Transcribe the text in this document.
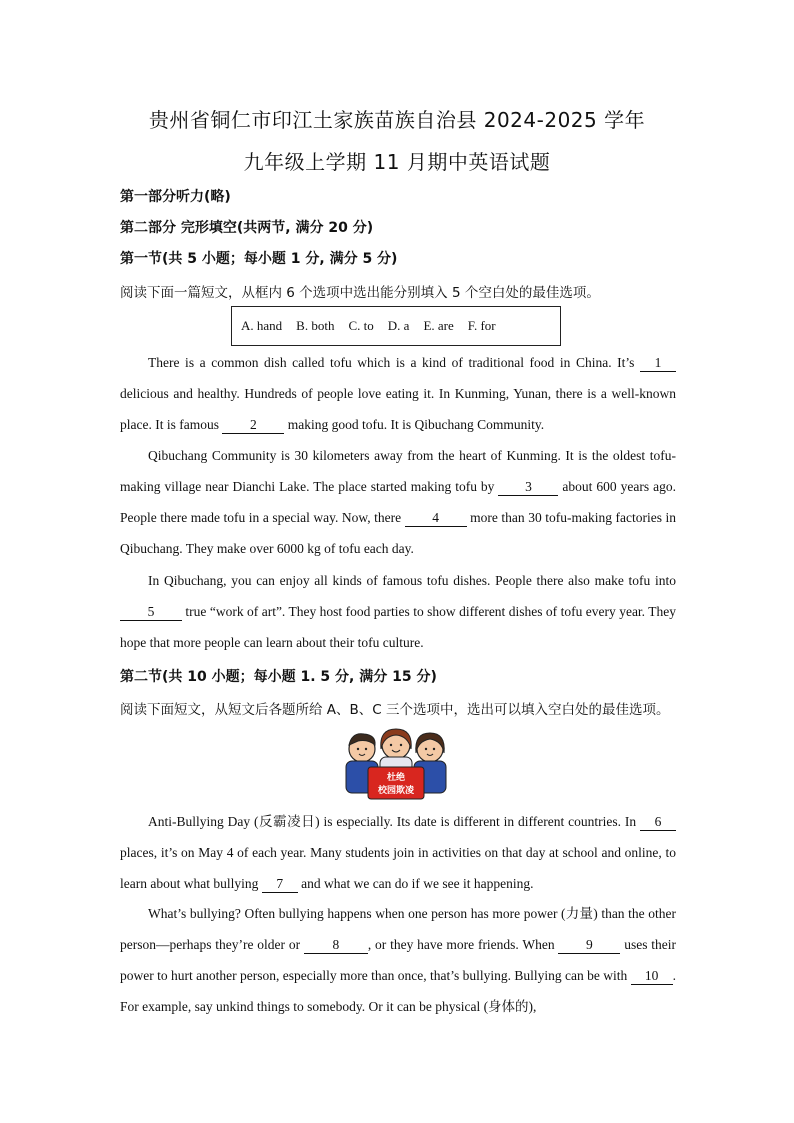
贵州省铜仁市印江土家族苗族自治县 2024-2025 学年
九年级上学期 11 月期中英语试题
第一部分听力(略)
第二部分 完形填空(共两节, 满分 20 分)
第一节(共 5 小题；每小题 1 分, 满分 5 分)
阅读下面一篇短文，从框内 6 个选项中选出能分别填入 5 个空白处的最佳选项。
A. hand B. both C. to D. a E. are F. for
There is a common dish called tofu which is a kind of traditional food in China. It’s 1 delicious and healthy. Hundreds of people love eating it. In Kunming, Yunan, there is a well-known place. It is famous 2 making good tofu. It is Qibuchang Community.
Qibuchang Community is 30 kilometers away from the heart of Kunming. It is the oldest tofu-making village near Dianchi Lake. The place started making tofu by 3 about 600 years ago. People there made tofu in a special way. Now, there 4 more than 30 tofu-making factories in Qibuchang. They make over 6000 kg of tofu each day.
In Qibuchang, you can enjoy all kinds of famous tofu dishes. People there also make tofu into 5 true “work of art”. They host food parties to show different dishes of tofu every year. They hope that more people can learn about their tofu culture.
第二节(共 10 小题；每小题 1. 5 分, 满分 15 分)
阅读下面短文，从短文后各题所给 A、B、C 三个选项中，选出可以填入空白处的最佳选项。
杜绝
校园欺凌
Anti-Bullying Day (反霸凌日) is especially. Its date is different in different countries. In 6 places, it’s on May 4 of each year. Many students join in activities on that day at school and online, to learn about what bullying 7 and what we can do if we see it happening.
What’s bullying? Often bullying happens when one person has more power (力量) than the other person—perhaps they’re older or 8 , or they have more friends. When 9 uses their power to hurt another person, especially more than once, that’s bullying. Bullying can be with 10 . For example, say unkind things to somebody. Or it can be physical (身体的),
